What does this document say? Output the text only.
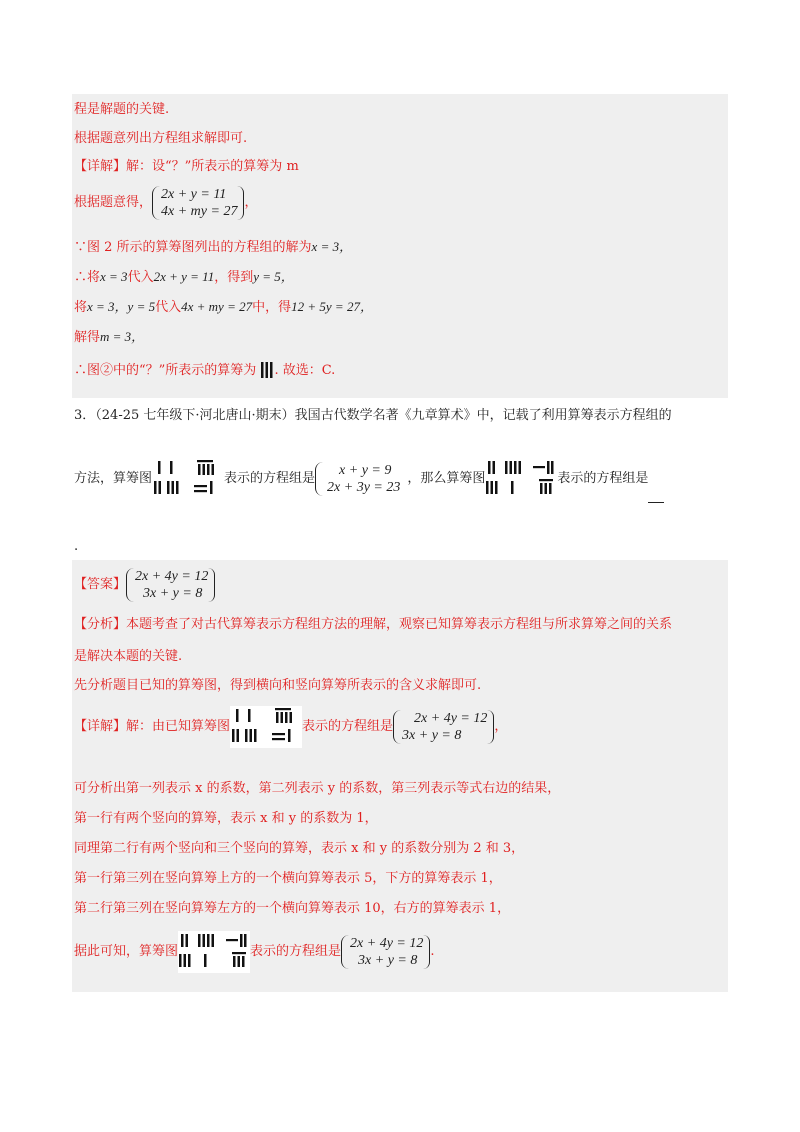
程是解题的关键.
根据题意列出方程组求解即可.
【详解】解：设“？”所表示的算筹为 m
根据题意得，
2x + y = 11
4x + my = 27
，
∵图 2 所示的算筹图列出的方程组的解为x = 3，
∴将x = 3代入2x + y = 11，得到y = 5，
将x = 3，y = 5代入4x + my = 27中，得12 + 5y = 27，
解得m = 3，
∴图②中的“？”所表示的算筹为 . 故选：C.
3．（24-25 七年级下·河北唐山·期末）我国古代数学名著《九章算术》中，记载了利用算筹表示方程组的
方法，算筹图	表示的方程组是
x + y = 9
2x + 3y = 23
，那么算筹图	表示的方程组是
.
【答案】
2x + 4y = 12
3x + y = 8
【分析】本题考查了对古代算筹表示方程组方法的理解，观察已知算筹表示方程组与所求算筹之间的关系
是解决本题的关键.
先分析题目已知的算筹图，得到横向和竖向算筹所表示的含义求解即可.
【详解】解：由已知算筹图	表示的方程组是
2x + 4y = 12
3x + y = 8
，
可分析出第一列表示 x 的系数，第二列表示 y 的系数，第三列表示等式右边的结果，
第一行有两个竖向的算筹，表示 x 和 y 的系数为 1，
同理第二行有两个竖向和三个竖向的算筹，表示 x 和 y 的系数分别为 2 和 3，
第一行第三列在竖向算筹上方的一个横向算筹表示 5，下方的算筹表示 1，
第二行第三列在竖向算筹左方的一个横向算筹表示 10，右方的算筹表示 1，
据此可知，算筹图	表示的方程组是
2x + 4y = 12
3x + y = 8
.
